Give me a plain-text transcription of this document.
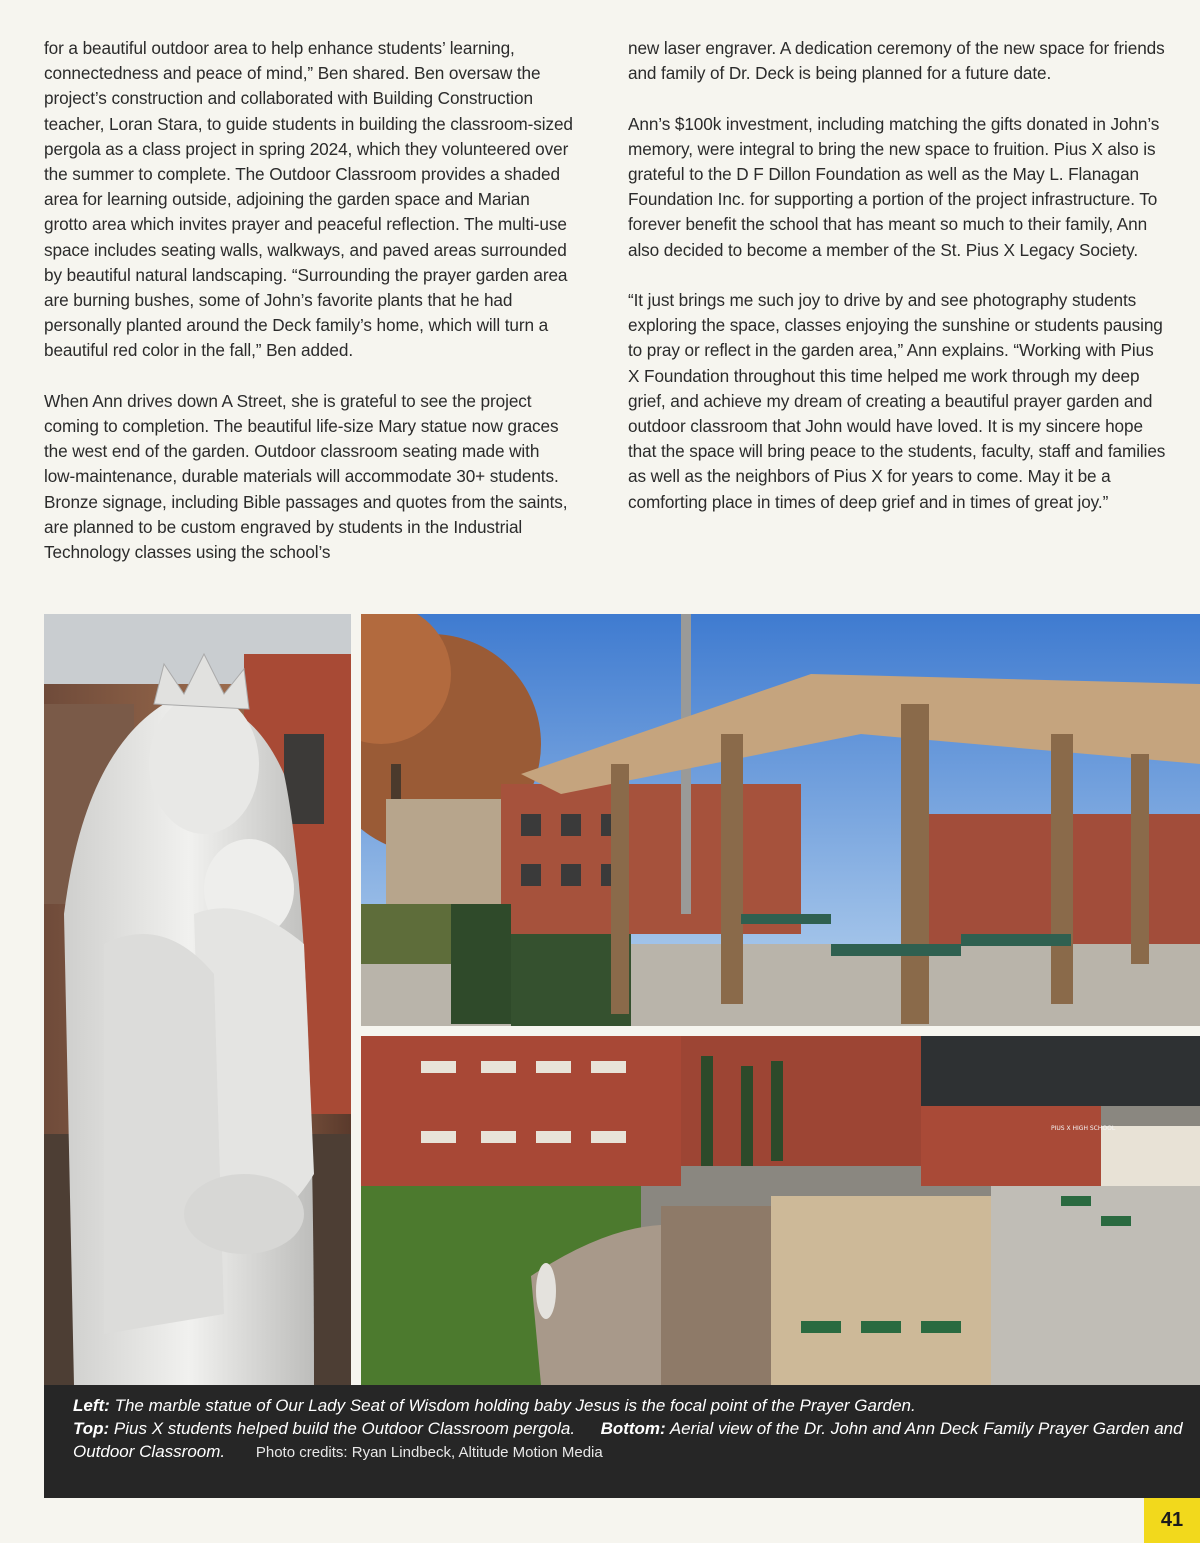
for a beautiful outdoor area to help enhance students’ learning, connectedness and peace of mind,” Ben shared. Ben oversaw the project’s construction and collaborated with Building Construction teacher, Loran Stara, to guide students in building the classroom-sized pergola as a class project in spring 2024, which they volunteered over the summer to complete. The Outdoor Classroom provides a shaded area for learning outside, adjoining the garden space and Marian grotto area which invites prayer and peaceful reflection. The multi-use space includes seating walls, walkways, and paved areas surrounded by beautiful natural landscaping. “Surrounding the prayer garden area are burning bushes, some of John’s favorite plants that he had personally planted around the Deck family’s home, which will turn a beautiful red color in the fall,” Ben added.

When Ann drives down A Street, she is grateful to see the project coming to completion. The beautiful life-size Mary statue now graces the west end of the garden. Outdoor classroom seating made with low-maintenance, durable materials will accommodate 30+ students. Bronze signage, including Bible passages and quotes from the saints, are planned to be custom engraved by students in the Industrial Technology classes using the school’s

new laser engraver. A dedication ceremony of the new space for friends and family of Dr. Deck is being planned for a future date.

Ann’s $100k investment, including matching the gifts donated in John’s memory, were integral to bring the new space to fruition. Pius X also is grateful to the D F Dillon Foundation as well as the May L. Flanagan Foundation Inc. for supporting a portion of the project infrastructure. To forever benefit the school that has meant so much to their family, Ann also decided to become a member of the St. Pius X Legacy Society.

“It just brings me such joy to drive by and see photography students exploring the space, classes enjoying the sunshine or students pausing to pray or reflect in the garden area,” Ann explains. “Working with Pius X Foundation throughout this time helped me work through my deep grief, and achieve my dream of creating a beautiful prayer garden and outdoor classroom that John would have loved. It is my sincere hope that the space will bring peace to the students, faculty, staff and families as well as the neighbors of Pius X for years to come. May it be a comforting place in times of deep grief and in times of great joy.”

PIUS X HIGH SCHOOL
Left: The marble statue of Our Lady Seat of Wisdom holding baby Jesus is the focal point of the Prayer Garden.
Top: Pius X students helped build the Outdoor Classroom pergola. Bottom: Aerial view of the Dr. John and Ann Deck Family Prayer Garden and Outdoor Classroom. Photo credits: Ryan Lindbeck, Altitude Motion Media
41
